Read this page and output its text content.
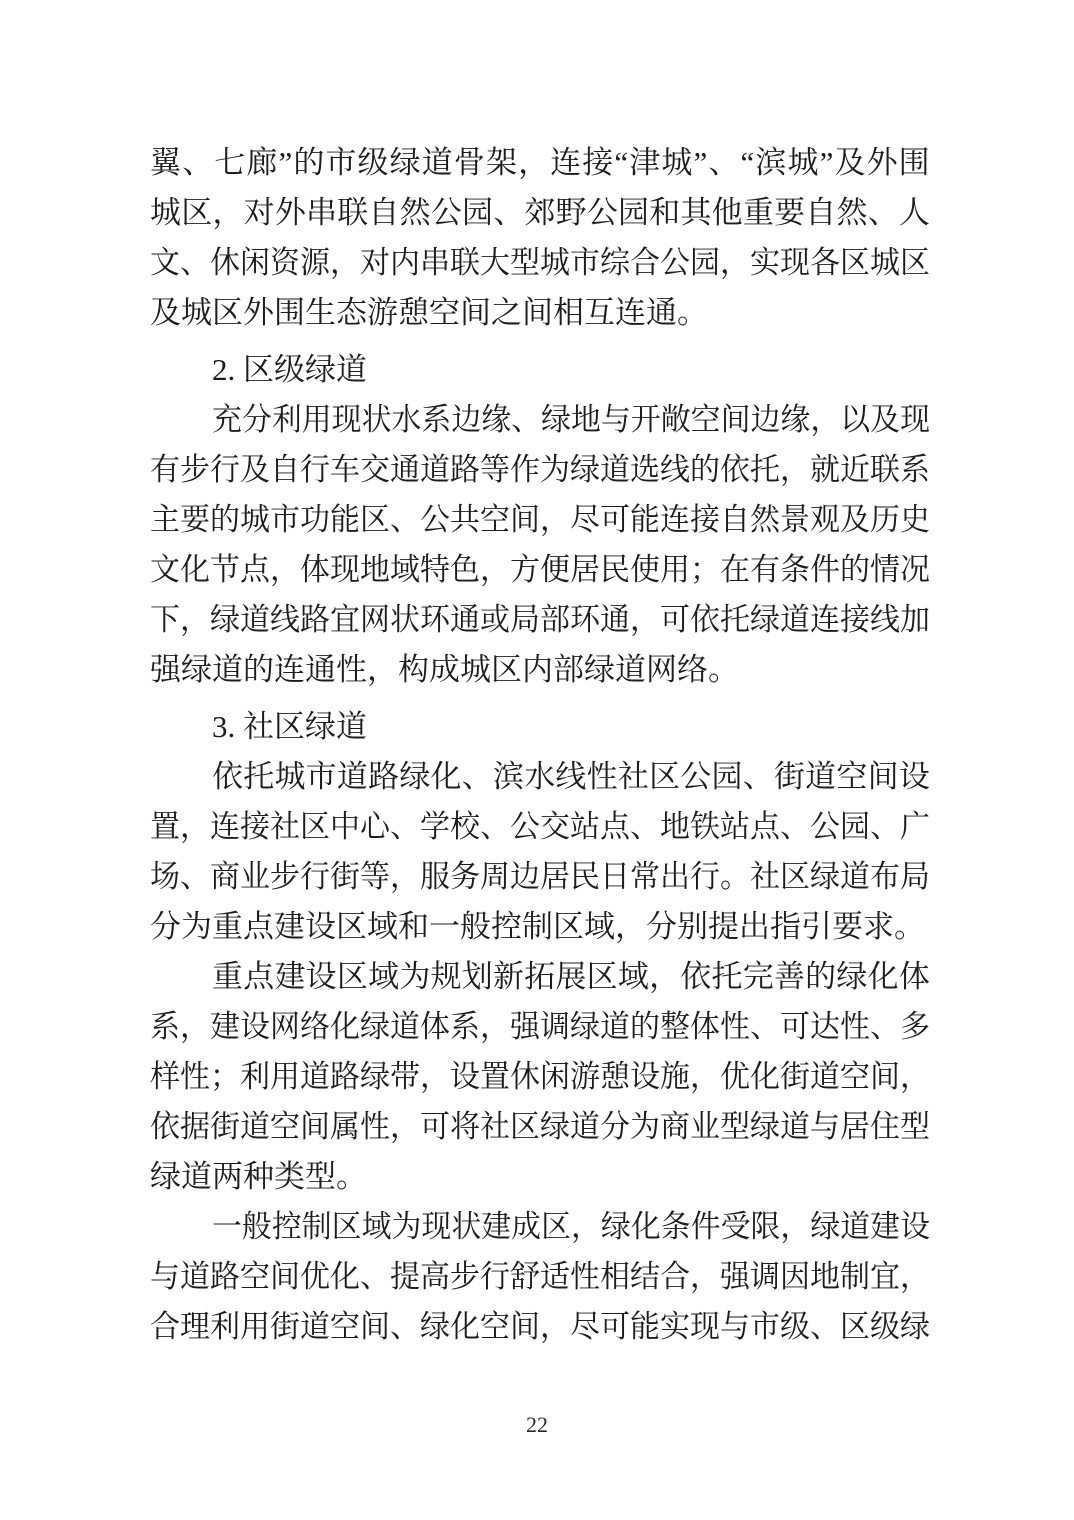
翼 、 七 廊 ” 的 市 级 绿 道 骨 架 ， 连 接 “ 津 城 ” 、 “ 滨 城 ” 及 外 围
城 区 ， 对 外 串 联 自 然 公 园 、 郊 野 公 园 和 其 他 重 要 自 然 、 人
文 、 休 闲 资 源 ， 对 内 串 联 大 型 城 市 综 合 公 园 ， 实 现 各 区 城 区
及城区外围生态游憩空间之间相互连通。
2. 区级绿道
充 分 利 用 现 状 水 系 边 缘 、 绿 地 与 开 敞 空 间 边 缘 ， 以 及 现
有 步 行 及 自 行 车 交 通 道 路 等 作 为 绿 道 选 线 的 依 托 ， 就 近 联 系
主 要 的 城 市 功 能 区 、 公 共 空 间 ， 尽 可 能 连 接 自 然 景 观 及 历 史
文 化 节 点 ， 体 现 地 域 特 色 ， 方 便 居 民 使 用 ； 在 有 条 件 的 情 况
下 ， 绿 道 线 路 宜 网 状 环 通 或 局 部 环 通 ， 可 依 托 绿 道 连 接 线 加
强绿道的连通性，构成城区内部绿道网络。
3. 社区绿道
依 托 城 市 道 路 绿 化 、 滨 水 线 性 社 区 公 园 、 街 道 空 间 设
置 ， 连 接 社 区 中 心 、 学 校 、 公 交 站 点 、 地 铁 站 点 、 公 园 、 广
场 、 商 业 步 行 街 等 ， 服 务 周 边 居 民 日 常 出 行 。 社 区 绿 道 布 局
分为重点建设区域和一般控制区域，分别提出指引要求。
重 点 建 设 区 域 为 规 划 新 拓 展 区 域 ， 依 托 完 善 的 绿 化 体
系 ， 建 设 网 络 化 绿 道 体 系 ， 强 调 绿 道 的 整 体 性 、 可 达 性 、 多
样 性 ； 利 用 道 路 绿 带 ， 设 置 休 闲 游 憩 设 施 ， 优 化 街 道 空 间 ，
依 据 街 道 空 间 属 性 ， 可 将 社 区 绿 道 分 为 商 业 型 绿 道 与 居 住 型
绿道两种类型。
一 般 控 制 区 域 为 现 状 建 成 区 ， 绿 化 条 件 受 限 ， 绿 道 建 设
与 道 路 空 间 优 化 、 提 高 步 行 舒 适 性 相 结 合 ， 强 调 因 地 制 宜 ，
合 理 利 用 街 道 空 间 、 绿 化 空 间 ， 尽 可 能 实 现 与 市 级 、 区 级 绿
22
